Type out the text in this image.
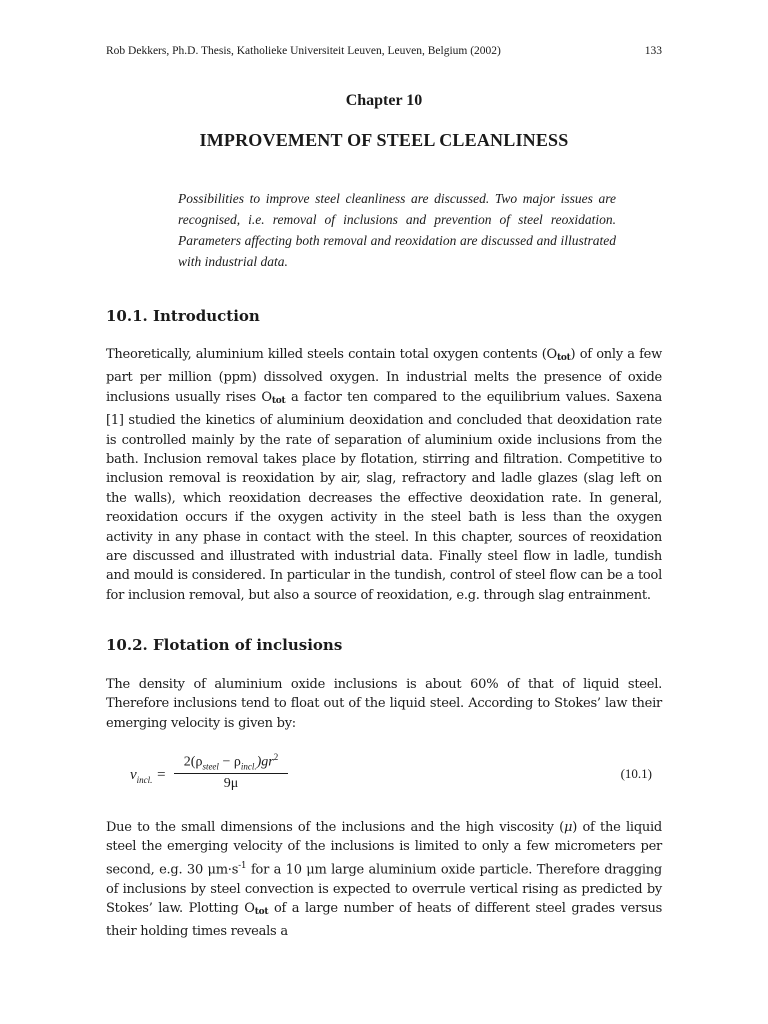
Rob Dekkers, Ph.D. Thesis, Katholieke Universiteit Leuven, Leuven, Belgium (2002)	133
Chapter 10
IMPROVEMENT OF STEEL CLEANLINESS
Possibilities to improve steel cleanliness are discussed. Two major issues are recognised, i.e. removal of inclusions and prevention of steel reoxidation. Parameters affecting both removal and reoxidation are discussed and illustrated with industrial data.
10.1. Introduction
Theoretically, aluminium killed steels contain total oxygen contents $(O_{tot})$ of only a few part per million (ppm) dissolved oxygen. In industrial melts the presence of oxide inclusions usually rises $O_{tot}$ a factor ten compared to the equilibrium values. Saxena [1] studied the kinetics of aluminium deoxidation and concluded that deoxidation rate is controlled mainly by the rate of separation of aluminium oxide inclusions from the bath. Inclusion removal takes place by flotation, stirring and filtration. Competitive to inclusion removal is reoxidation by air, slag, refractory and ladle glazes (slag left on the walls), which reoxidation decreases the effective deoxidation rate. In general, reoxidation occurs if the oxygen activity in the steel bath is less than the oxygen activity in any phase in contact with the steel. In this chapter, sources of reoxidation are discussed and illustrated with industrial data. Finally steel flow in ladle, tundish and mould is considered. In particular in the tundish, control of steel flow can be a tool for inclusion removal, but also a source of reoxidation, e.g. through slag entrainment.
10.2. Flotation of inclusions
The density of aluminium oxide inclusions is about 60% of that of liquid steel. Therefore inclusions tend to float out of the liquid steel. According to Stokes’ law their emerging velocity is given by:
$v_{incl.}$ =
$2(\rho_{steel} - \rho_{incl.})gr^2$
9μ
(10.1)
Due to the small dimensions of the inclusions and the high viscosity (μ) of the liquid steel the emerging velocity of the inclusions is limited to only a few micrometers per second, e.g. 30 $\mu m\cdot s^{-1}$ for a 10 μm large aluminium oxide particle. Therefore dragging of inclusions by steel convection is expected to overrule vertical rising as predicted by Stokes’ law. Plotting $O_{tot}$ of a large number of heats of different steel grades versus their holding times reveals a
